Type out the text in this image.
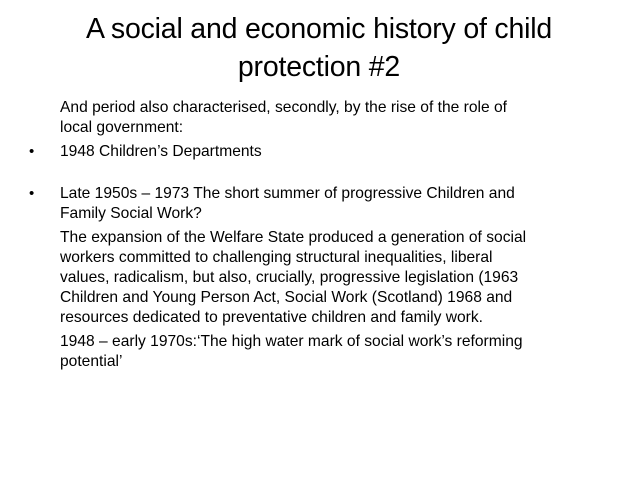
A social and economic history of child
protection #2

And period also characterised, secondly, by the rise of the role of
local government:

• 1948 Children’s Departments

• Late 1950s – 1973 The short summer of progressive Children and
Family Social Work?

The expansion of the Welfare State produced a generation of social
workers committed to challenging structural inequalities, liberal
values, radicalism, but also, crucially, progressive legislation (1963
Children and Young Person Act, Social Work (Scotland) 1968 and
resources dedicated to preventative children and family work.

1948 – early 1970s:‘The high water mark of social work’s reforming
potential’
